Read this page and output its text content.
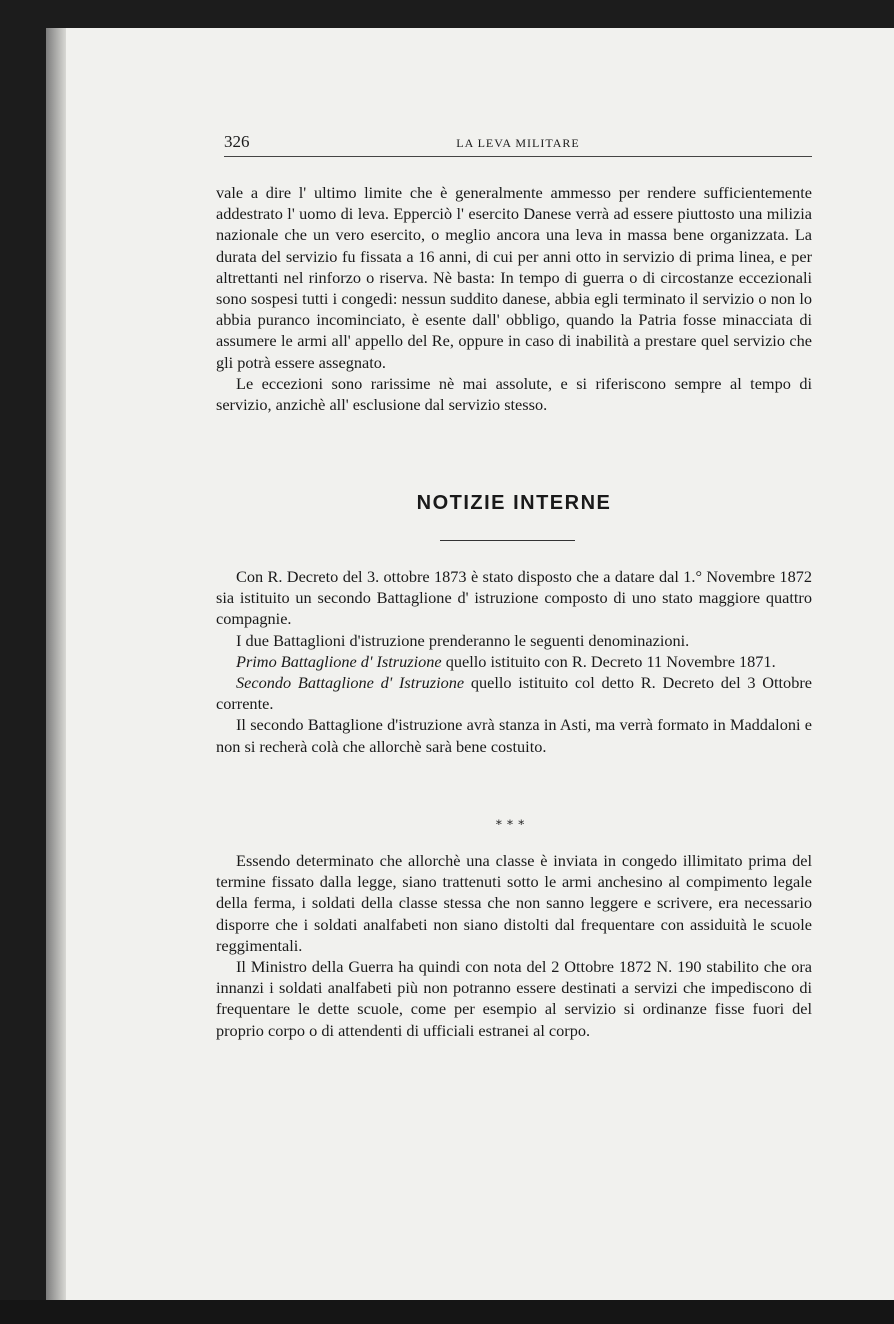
326	LA LEVA MILITARE

vale a dire l' ultimo limite che è generalmente ammesso per rendere sufficientemente addestrato l' uomo di leva. Epperciò l' esercito Danese verrà ad essere piuttosto una milizia nazionale che un vero esercito, o meglio ancora una leva in massa bene organizzata. La durata del servizio fu fissata a 16 anni, di cui per anni otto in servizio di prima linea, e per altrettanti nel rinforzo o riserva. Nè basta: In tempo di guerra o di circostanze eccezionali sono sospesi tutti i congedi: nessun suddito danese, abbia egli terminato il servizio o non lo abbia puranco incominciato, è esente dall' obbligo, quando la Patria fosse minacciata di assumere le armi all' appello del Re, oppure in caso di inabilità a prestare quel servizio che gli potrà essere assegnato.

Le eccezioni sono rarissime nè mai assolute, e si riferiscono sempre al tempo di servizio, anzichè all' esclusione dal servizio stesso.

NOTIZIE INTERNE

Con R. Decreto del 3. ottobre 1873 è stato disposto che a datare dal 1.° Novembre 1872 sia istituito un secondo Battaglione d' istruzione composto di uno stato maggiore quattro compagnie.

I due Battaglioni d'istruzione prenderanno le seguenti denominazioni.

Primo Battaglione d' Istruzione quello istituito con R. Decreto 11 Novembre 1871.

Secondo Battaglione d' Istruzione quello istituito col detto R. Decreto del 3 Ottobre corrente.

Il secondo Battaglione d'istruzione avrà stanza in Asti, ma verrà formato in Maddaloni e non si recherà colà che allorchè sarà bene costuito.

∗ ∗ ∗

Essendo determinato che allorchè una classe è inviata in congedo illimitato prima del termine fissato dalla legge, siano trattenuti sotto le armi anchesino al compimento legale della ferma, i soldati della classe stessa che non sanno leggere e scrivere, era necessario disporre che i soldati analfabeti non siano distolti dal frequentare con assiduità le scuole reggimentali.

Il Ministro della Guerra ha quindi con nota del 2 Ottobre 1872 N. 190 stabilito che ora innanzi i soldati analfabeti più non potranno essere destinati a servizi che impediscono di frequentare le dette scuole, come per esempio al servizio si ordinanze fisse fuori del proprio corpo o di attendenti di ufficiali estranei al corpo.
